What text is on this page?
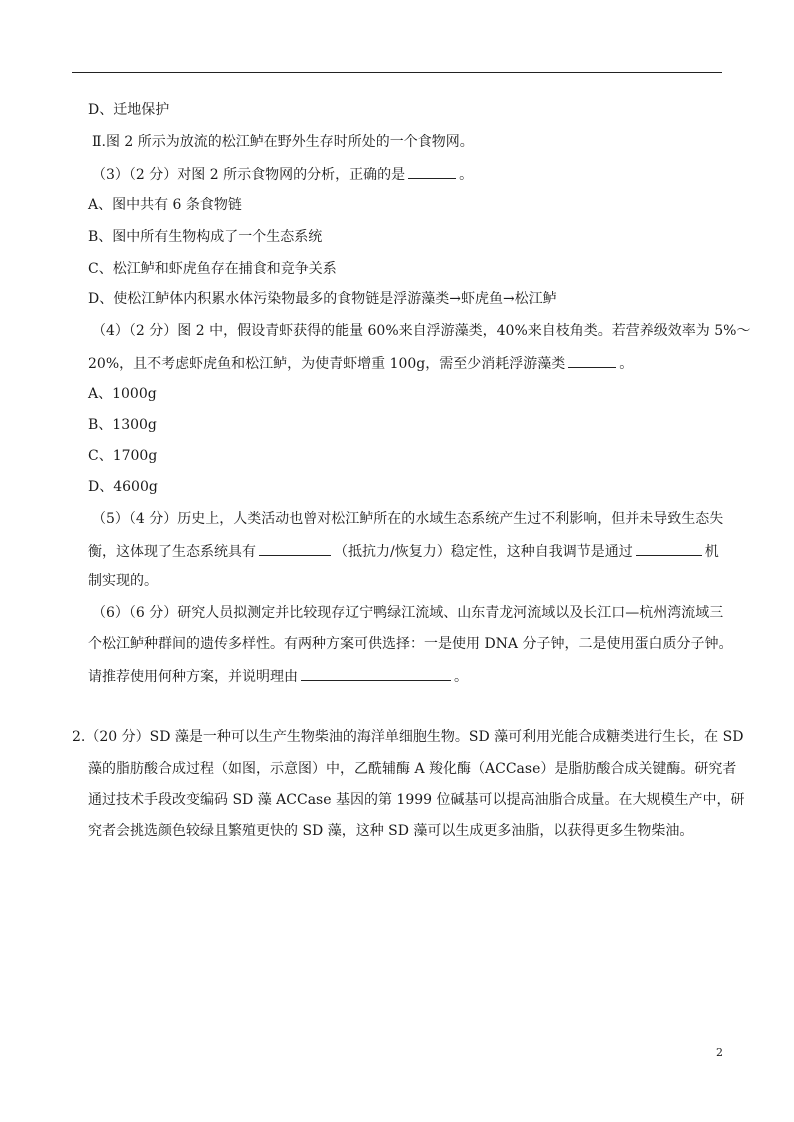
D、迁地保护
Ⅱ.图 2 所示为放流的松江鲈在野外生存时所处的一个食物网。
（3）（2 分）对图 2 所示食物网的分析，正确的是	。
A、图中共有 6 条食物链
B、图中所有生物构成了一个生态系统
C、松江鲈和虾虎鱼存在捕食和竞争关系
D、使松江鲈体内积累水体污染物最多的食物链是浮游藻类→虾虎鱼→松江鲈
（4）（2 分）图 2 中，假设青虾获得的能量 60%来自浮游藻类，40%来自枝角类。若营养级效率为 5%～
20%，且不考虑虾虎鱼和松江鲈，为使青虾增重 100g，需至少消耗浮游藻类	。
A、1000g
B、1300g
C、1700g
D、4600g
（5）（4 分）历史上，人类活动也曾对松江鲈所在的水域生态系统产生过不利影响，但并未导致生态失
衡，这体现了生态系统具有	（抵抗力/恢复力）稳定性，这种自我调节是通过	机
制实现的。
（6）（6 分）研究人员拟测定并比较现存辽宁鸭绿江流域、山东青龙河流域以及长江口—杭州湾流域三
个松江鲈种群间的遗传多样性。有两种方案可供选择：一是使用 DNA 分子钟，二是使用蛋白质分子钟。
请推荐使用何种方案，并说明理由	。
2.（20 分）SD 藻是一种可以生产生物柴油的海洋单细胞生物。SD 藻可利用光能合成糖类进行生长，在 SD
藻的脂肪酸合成过程（如图，示意图）中，乙酰辅酶 A 羧化酶（ACCase）是脂肪酸合成关键酶。研究者
通过技术手段改变编码 SD 藻 ACCase 基因的第 1999 位碱基可以提高油脂合成量。在大规模生产中，研
究者会挑选颜色较绿且繁殖更快的 SD 藻，这种 SD 藻可以生成更多油脂，以获得更多生物柴油。
2
